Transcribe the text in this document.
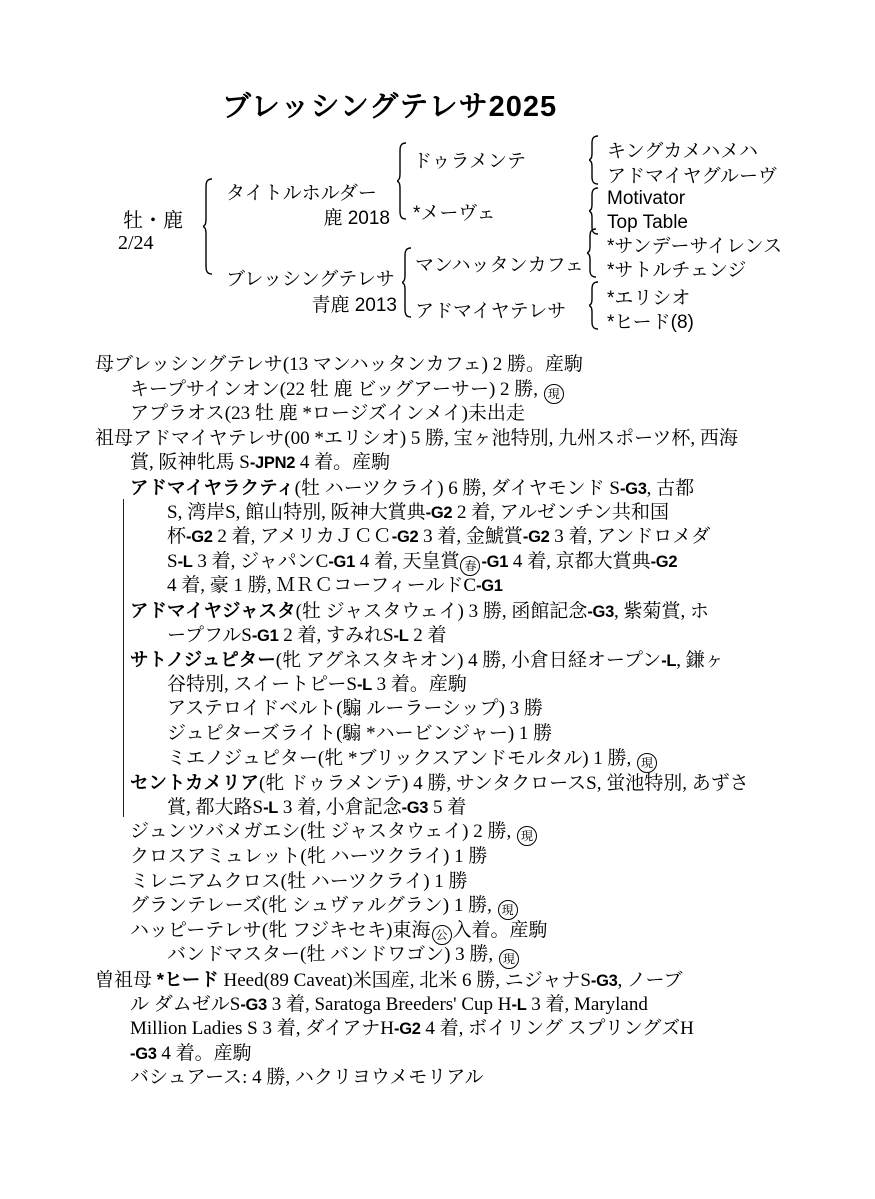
ブレッシングテレサ2025
牡・鹿
2/24
タイトルホルダー
鹿 2018
ブレッシングテレサ
青鹿 2013
ドゥラメンテ
*メーヴェ
マンハッタンカフェ
アドマイヤテレサ
キングカメハメハ
アドマイヤグルーヴ
Motivator
Top Table
*サンデーサイレンス
*サトルチェンジ
*エリシオ
*ヒード(8)
母ブレッシングテレサ(13 マンハッタンカフェ) 2 勝。産駒
キープサインオン(22 牡 鹿 ビッグアーサー) 2 勝, 現
アプラオス(23 牡 鹿 *ロージズインメイ)未出走
祖母アドマイヤテレサ(00 *エリシオ) 5 勝, 宝ヶ池特別, 九州スポーツ杯, 西海
賞, 阪神牝馬 S-JPN2 4 着。産駒
アドマイヤラクティ(牡 ハーツクライ) 6 勝, ダイヤモンド S-G3, 古都
S, 湾岸S, 館山特別, 阪神大賞典-G2 2 着, アルゼンチン共和国
杯-G2 2 着, アメリカＪＣＣ-G2 3 着, 金鯱賞-G2 3 着, アンドロメダ
S-L 3 着, ジャパンC-G1 4 着, 天皇賞 春 -G1 4 着, 京都大賞典-G2
4 着, 豪 1 勝, ＭＲＣコーフィールドC-G1
アドマイヤジャスタ(牡 ジャスタウェイ) 3 勝, 函館記念-G3, 紫菊賞, ホ
ープフルS-G1 2 着, すみれS-L 2 着
サトノジュピター(牝 アグネスタキオン) 4 勝, 小倉日経オープン-L, 鎌ヶ
谷特別, スイートピーS-L 3 着。産駒
アステロイドベルト(騸 ルーラーシップ) 3 勝
ジュピターズライト(騸 *ハービンジャー) 1 勝
ミエノジュピター(牝 *ブリックスアンドモルタル) 1 勝, 現
セントカメリア(牝 ドゥラメンテ) 4 勝, サンタクロースS, 蛍池特別, あずさ
賞, 都大路S-L 3 着, 小倉記念-G3 5 着
ジュンツバメガエシ(牡 ジャスタウェイ) 2 勝, 現
クロスアミュレット(牝 ハーツクライ) 1 勝
ミレニアムクロス(牡 ハーツクライ) 1 勝
グランテレーズ(牝 シュヴァルグラン) 1 勝, 現
ハッピーテレサ(牝 フジキセキ)東海 公 入着。産駒
バンドマスター(牡 バンドワゴン) 3 勝, 現
曽祖母 *ヒード Heed(89 Caveat)米国産, 北米 6 勝, ニジャナS-G3, ノーブ
ル ダムゼルS-G3 3 着, Saratoga Breeders' Cup H-L 3 着, Maryland
Million Ladies S 3 着, ダイアナH-G2 4 着, ボイリング スプリングズH
-G3 4 着。産駒
バシュアース: 4 勝, ハクリヨウメモリアル
